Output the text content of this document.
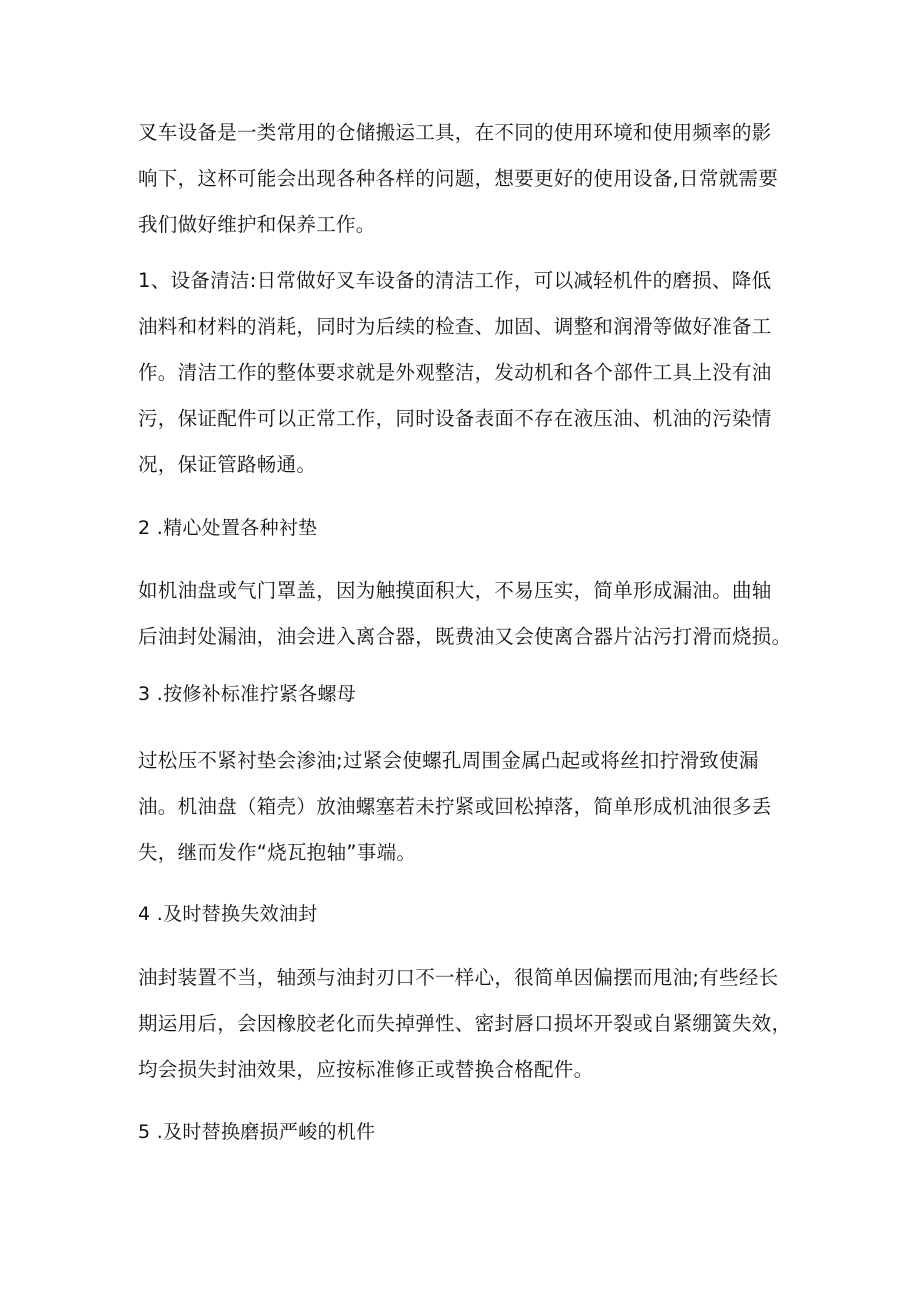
叉车设备是一类常用的仓储搬运工具，在不同的使用环境和使用频率的影
响下，这杯可能会出现各种各样的问题，想要更好的使用设备,日常就需要
我们做好维护和保养工作。
1、设备清洁:日常做好叉车设备的清洁工作，可以减轻机件的磨损、降低
油料和材料的消耗，同时为后续的检查、加固、调整和润滑等做好准备工
作。清洁工作的整体要求就是外观整洁，发动机和各个部件工具上没有油
污，保证配件可以正常工作，同时设备表面不存在液压油、机油的污染情
况，保证管路畅通。
2 .精心处置各种衬垫
如机油盘或气门罩盖，因为触摸面积大，不易压实，简单形成漏油。曲轴
后油封处漏油，油会进入离合器，既费油又会使离合器片沾污打滑而烧损。
3 .按修补标准拧紧各螺母
过松压不紧衬垫会渗油;过紧会使螺孔周围金属凸起或将丝扣拧滑致使漏
油。机油盘（箱壳）放油螺塞若未拧紧或回松掉落，简单形成机油很多丢
失，继而发作“烧瓦抱轴”事端。
4 .及时替换失效油封
油封装置不当，轴颈与油封刃口不一样心，很简单因偏摆而甩油;有些经长
期运用后，会因橡胶老化而失掉弹性、密封唇口损坏开裂或自紧绷簧失效，
均会损失封油效果，应按标准修正或替换合格配件。
5 .及时替换磨损严峻的机件
